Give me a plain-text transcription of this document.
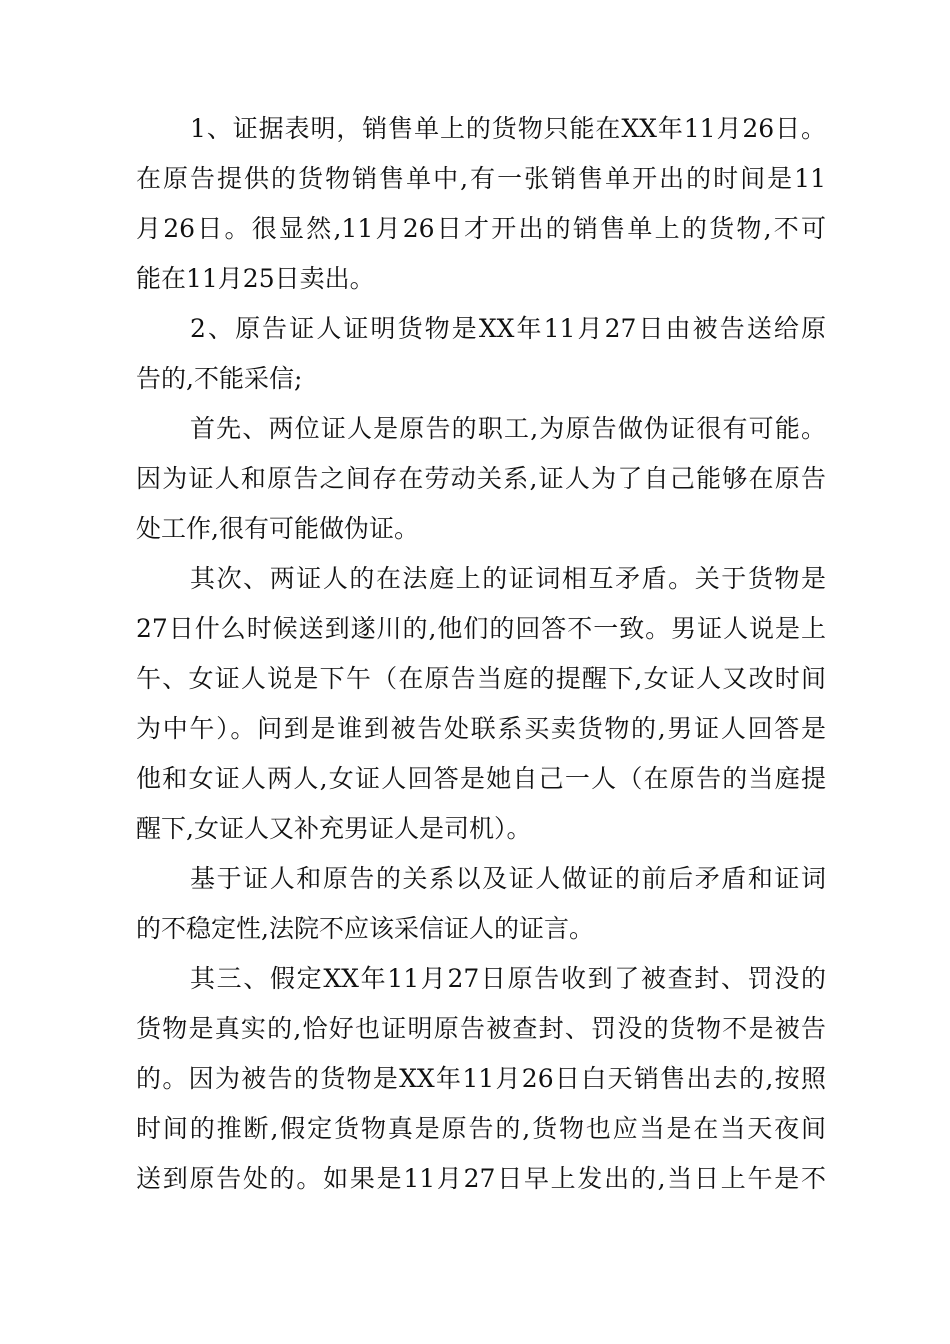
1、证据表明，销售单上的货物只能在XX年11月26日。
在原告提供的货物销售单中,有一张销售单开出的时间是11
月26日。很显然,11月26日才开出的销售单上的货物,不可
能在11月25日卖出。
2、原告证人证明货物是XX年11月27日由被告送给原
告的,不能采信;
首先、两位证人是原告的职工,为原告做伪证很有可能。
因为证人和原告之间存在劳动关系,证人为了自己能够在原告
处工作,很有可能做伪证。
其次、两证人的在法庭上的证词相互矛盾。关于货物是
27日什么时候送到遂川的,他们的回答不一致。男证人说是上
午、女证人说是下午（在原告当庭的提醒下,女证人又改时间
为中午）。问到是谁到被告处联系买卖货物的,男证人回答是
他和女证人两人,女证人回答是她自己一人（在原告的当庭提
醒下,女证人又补充男证人是司机）。
基于证人和原告的关系以及证人做证的前后矛盾和证词
的不稳定性,法院不应该采信证人的证言。
其三、假定XX年11月27日原告收到了被查封、罚没的
货物是真实的,恰好也证明原告被查封、罚没的货物不是被告
的。因为被告的货物是XX年11月26日白天销售出去的,按照
时间的推断,假定货物真是原告的,货物也应当是在当天夜间
送到原告处的。如果是11月27日早上发出的,当日上午是不
